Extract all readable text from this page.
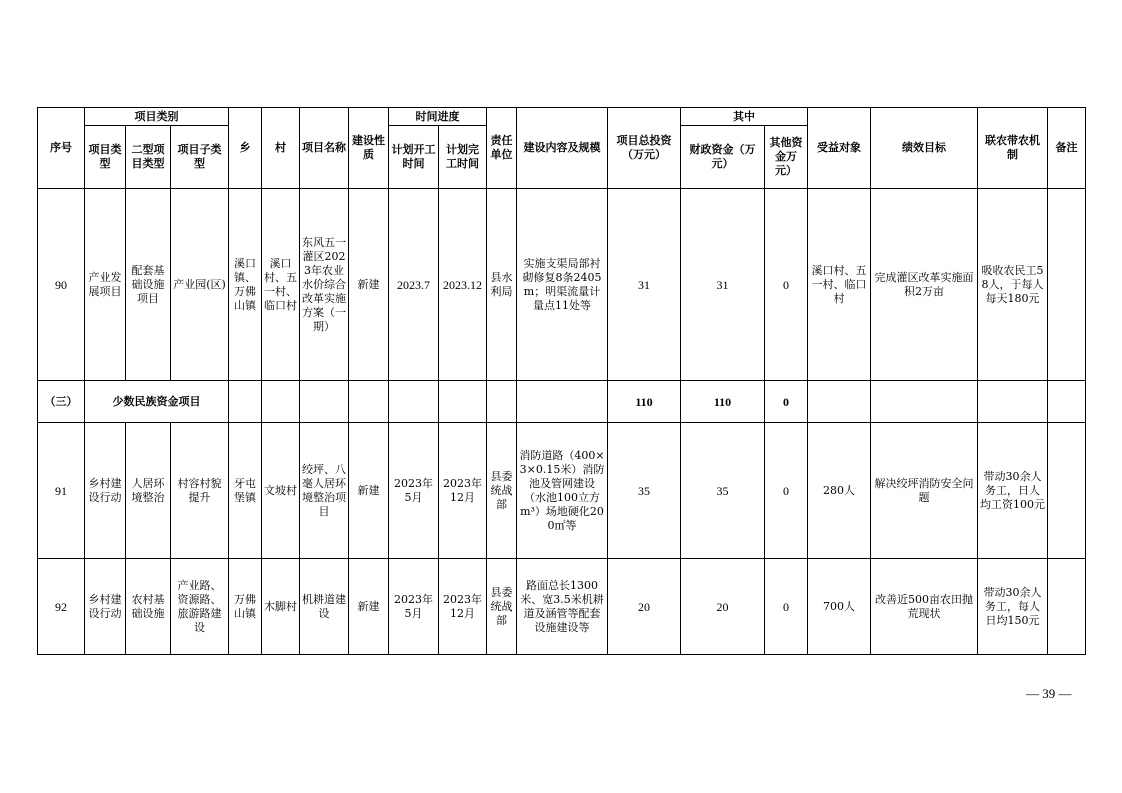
序号	项目类别			乡	村	项目名称	建设性质	时间进度		责任单位	建设内容及规模	项目总投资（万元）	其中		受益对象	绩效目标	联农带农机制	备注
	项目类型	二型项目类型	项目子类型					计划开工时间	计划完工时间				财政资金（万元）	其他资金万元）				
90	产业发展项目	配套基础设施项目	产业园(区)	溪口镇、万佛山镇	溪口村、五一村、临口村	东风五一灌区2023年农业水价综合改革实施方案（一期）	新建	2023.7	2023.12	县水利局	实施支渠局部衬砌修复8条2405m；明渠流量计量点11处等	31	31	0	溪口村、五一村、临口村	完成灌区改革实施面积2万亩	吸收农民工58人，于每人每天180元	
（三）	少数民族资金项目											110	110	0				
91	乡村建设行动	人居环境整治	村容村貌提升	牙屯堡镇	文坡村	绞坪、八毫人居环境整治项目	新建	2023年5月	2023年12月	县委统战部	消防道路（400×3×0.15米）消防池及管网建设（水池100立方m³）场地硬化200㎡等	35	35	0	280人	解决绞坪消防安全问题	带动30余人务工，日人均工资100元	
92	乡村建设行动	农村基础设施	产业路、资源路、旅游路建设	万佛山镇	木脚村	机耕道建设	新建	2023年5月	2023年12月	县委统战部	路面总长1300米、宽3.5米机耕道及涵管等配套设施建设等	20	20	0	700人	改善近500亩农田抛荒现状	带动30余人务工，每人日均150元	
— 39 —
